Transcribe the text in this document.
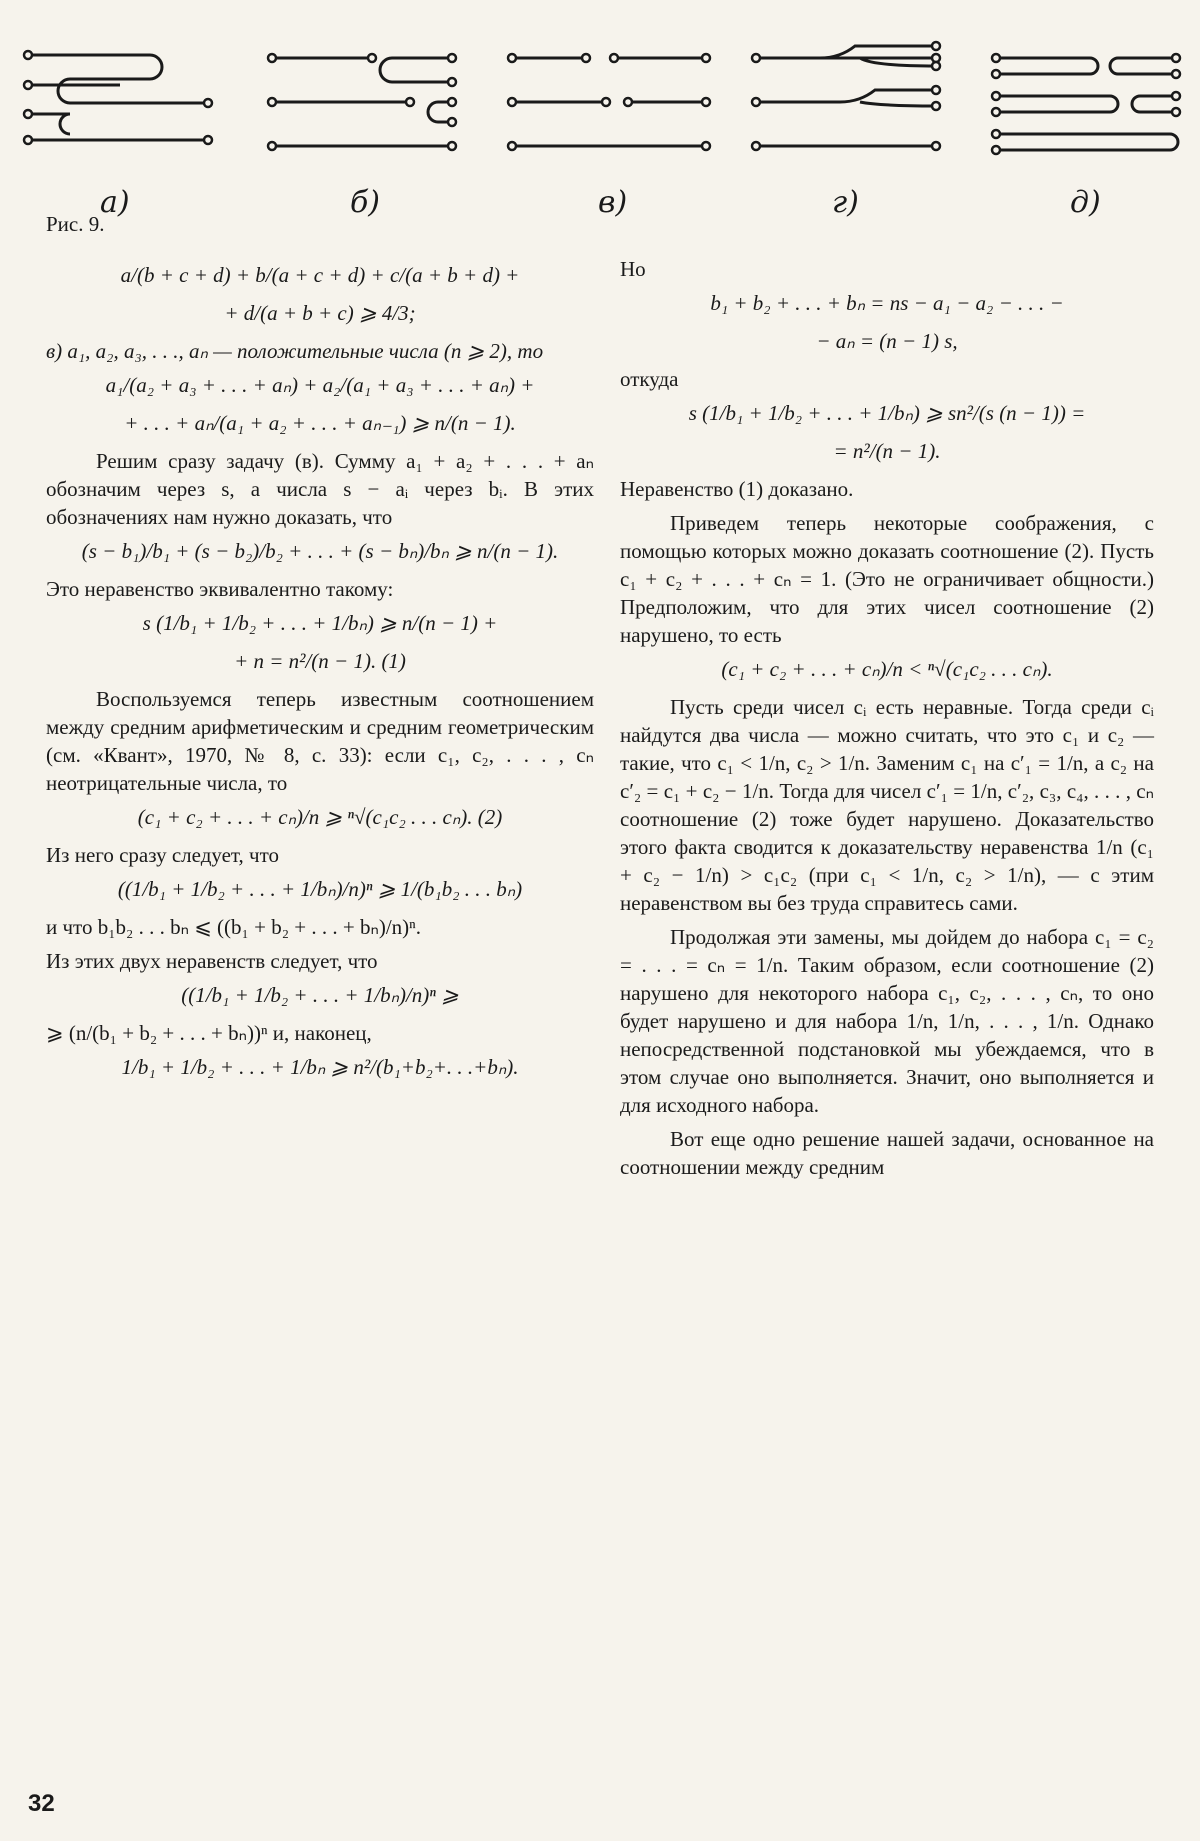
а)	б)	в)	г)	д)
Рис. 9.
a/(b + c + d) + b/(a + c + d) + c/(a + b + d) +
+ d/(a + b + c) ⩾ 4/3;
в) a₁, a₂, a₃, . . ., aₙ — положительные числа (n ⩾ 2), то
a₁/(a₂ + a₃ + . . . + aₙ) + a₂/(a₁ + a₃ + . . . + aₙ) +
+ . . . + aₙ/(a₁ + a₂ + . . . + aₙ₋₁) ⩾ n/(n − 1).
Решим сразу задачу (в). Сумму a₁ + a₂ + . . . + aₙ обозначим через s, а числа s − aᵢ через bᵢ. В этих обозначениях нам нужно доказать, что
(s − b₁)/b₁ + (s − b₂)/b₂ + . . . + (s − bₙ)/bₙ ⩾ n/(n − 1).
Это неравенство эквивалентно такому:
s (1/b₁ + 1/b₂ + . . . + 1/bₙ) ⩾ n/(n − 1) +
+ n = n²/(n − 1). (1)
Воспользуемся теперь известным соотношением между средним арифметическим и средним геометрическим (см. «Квант», 1970, № 8, с. 33): если c₁, c₂, . . . , cₙ неотрицательные числа, то
(c₁ + c₂ + . . . + cₙ)/n ⩾ ⁿ√(c₁c₂ . . . cₙ). (2)
Из него сразу следует, что
((1/b₁ + 1/b₂ + . . . + 1/bₙ)/n)ⁿ ⩾ 1/(b₁b₂ . . . bₙ)
и что b₁b₂ . . . bₙ ⩽ ((b₁ + b₂ + . . . + bₙ)/n)ⁿ.
Из этих двух неравенств следует, что
((1/b₁ + 1/b₂ + . . . + 1/bₙ)/n)ⁿ ⩾
⩾ (n/(b₁ + b₂ + . . . + bₙ))ⁿ и, наконец,
1/b₁ + 1/b₂ + . . . + 1/bₙ ⩾ n²/(b₁+b₂+. . .+bₙ).
Но
b₁ + b₂ + . . . + bₙ = ns − a₁ − a₂ − . . . −
− aₙ = (n − 1) s,
откуда
s (1/b₁ + 1/b₂ + . . . + 1/bₙ) ⩾ sn²/(s (n − 1)) =
= n²/(n − 1).
Неравенство (1) доказано.
Приведем теперь некоторые соображения, с помощью которых можно доказать соотношение (2). Пусть c₁ + c₂ + . . . + cₙ = 1. (Это не ограничивает общности.) Предположим, что для этих чисел соотношение (2) нарушено, то есть
(c₁ + c₂ + . . . + cₙ)/n < ⁿ√(c₁c₂ . . . cₙ).
Пусть среди чисел cᵢ есть неравные. Тогда среди cᵢ найдутся два числа — можно считать, что это c₁ и c₂ — такие, что c₁ < 1/n, c₂ > 1/n. Заменим c₁ на c′₁ = 1/n, а c₂ на c′₂ = c₁ + c₂ − 1/n. Тогда для чисел c′₁ = 1/n, c′₂, c₃, c₄, . . . , cₙ соотношение (2) тоже будет нарушено. Доказательство этого факта сводится к доказательству неравенства 1/n (c₁ + c₂ − 1/n) > c₁c₂ (при c₁ < 1/n, c₂ > 1/n), — с этим неравенством вы без труда справитесь сами.
Продолжая эти замены, мы дойдем до набора c₁ = c₂ = . . . = cₙ = 1/n. Таким образом, если соотношение (2) нарушено для некоторого набора c₁, c₂, . . . , cₙ, то оно будет нарушено и для набора 1/n, 1/n, . . . , 1/n. Однако непосредственной подстановкой мы убеждаемся, что в этом случае оно выполняется. Значит, оно выполняется и для исходного набора.
Вот еще одно решение нашей задачи, основанное на соотношении между средним
32
